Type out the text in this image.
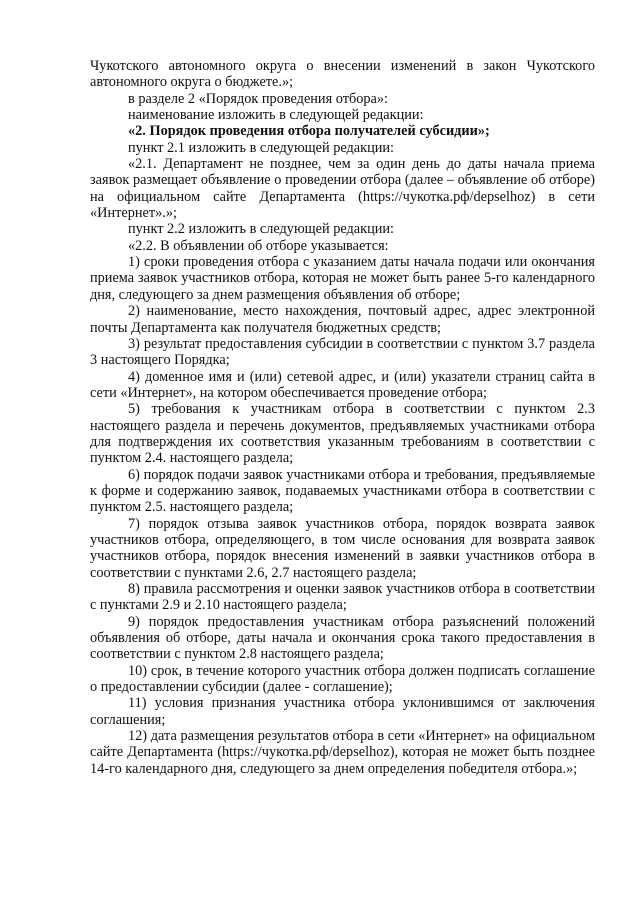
Чукотского автономного округа о внесении изменений в закон Чукотского автономного округа о бюджете.»;

в разделе 2 «Порядок проведения отбора»:

наименование изложить в следующей редакции:

«2. Порядок проведения отбора получателей субсидии»;

пункт 2.1 изложить в следующей редакции:

«2.1. Департамент не позднее, чем за один день до даты начала приема заявок размещает объявление о проведении отбора (далее – объявление об отборе) на официальном сайте Департамента (https://чукотка.рф/depselhoz) в сети «Интернет».»;

пункт 2.2 изложить в следующей редакции:

«2.2. В объявлении об отборе указывается:

1) сроки проведения отбора с указанием даты начала подачи или окончания приема заявок участников отбора, которая не может быть ранее 5-го календарного дня, следующего за днем размещения объявления об отборе;

2) наименование, место нахождения, почтовый адрес, адрес электронной почты Департамента как получателя бюджетных средств;

3) результат предоставления субсидии в соответствии с пунктом 3.7 раздела 3 настоящего Порядка;

4) доменное имя и (или) сетевой адрес, и (или) указатели страниц сайта в сети «Интернет», на котором обеспечивается проведение отбора;

5) требования к участникам отбора в соответствии с пунктом 2.3 настоящего раздела и перечень документов, предъявляемых участниками отбора для подтверждения их соответствия указанным требованиям в соответствии с пунктом 2.4. настоящего раздела;

6) порядок подачи заявок участниками отбора и требования, предъявляемые к форме и содержанию заявок, подаваемых участниками отбора в соответствии с пунктом 2.5. настоящего раздела;

7) порядок отзыва заявок участников отбора, порядок возврата заявок участников отбора, определяющего, в том числе основания для возврата заявок участников отбора, порядок внесения изменений в заявки участников отбора в соответствии с пунктами 2.6, 2.7 настоящего раздела;

8) правила рассмотрения и оценки заявок участников отбора в соответствии с пунктами 2.9 и 2.10 настоящего раздела;

9) порядок предоставления участникам отбора разъяснений положений объявления об отборе, даты начала и окончания срока такого предоставления в соответствии с пунктом 2.8 настоящего раздела;

10) срок, в течение которого участник отбора должен подписать соглашение о предоставлении субсидии (далее - соглашение);

11) условия признания участника отбора уклонившимся от заключения соглашения;

12) дата размещения результатов отбора в сети «Интернет» на официальном сайте Департамента (https://чукотка.рф/depselhoz), которая не может быть позднее 14-го календарного дня, следующего за днем определения победителя отбора.»;
